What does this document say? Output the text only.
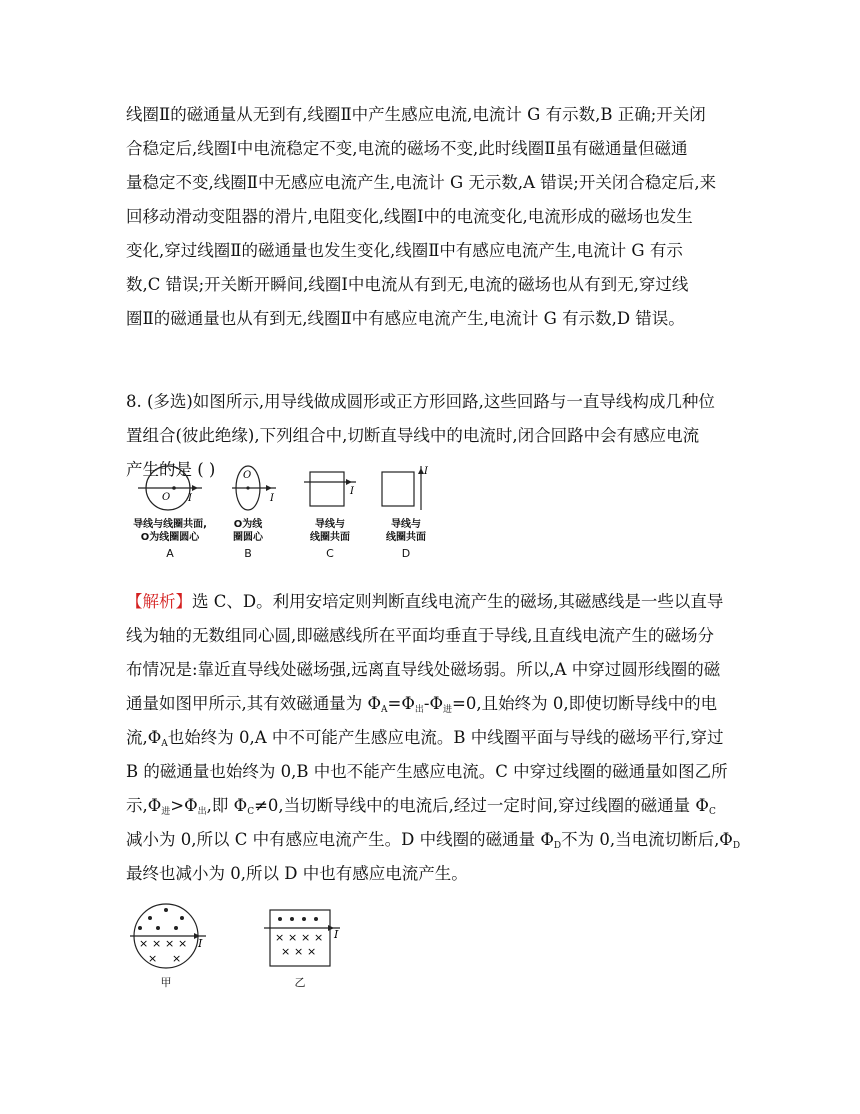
线圈Ⅱ的磁通量从无到有,线圈Ⅱ中产生感应电流,电流计 G 有示数,B 正确;开关闭
合稳定后,线圈Ⅰ中电流稳定不变,电流的磁场不变,此时线圈Ⅱ虽有磁通量但磁通
量稳定不变,线圈Ⅱ中无感应电流产生,电流计 G 无示数,A 错误;开关闭合稳定后,来
回移动滑动变阻器的滑片,电阻变化,线圈Ⅰ中的电流变化,电流形成的磁场也发生
变化,穿过线圈Ⅱ的磁通量也发生变化,线圈Ⅱ中有感应电流产生,电流计 G 有示
数,C 错误;开关断开瞬间,线圈Ⅰ中电流从有到无,电流的磁场也从有到无,穿过线
圈Ⅱ的磁通量也从有到无,线圈Ⅱ中有感应电流产生,电流计 G 有示数,D 错误。
8. (多选)如图所示,用导线做成圆形或正方形回路,这些回路与一直导线构成几种位
置组合(彼此绝缘),下列组合中,切断直导线中的电流时,闭合回路中会有感应电流
产生的是 ( )
O I
O
I
I
I
导线与线圈共面,
O为线圈圆心
A
O为线
圈圆心
B
导线与
线圈共面
C
导线与
线圈共面
D
【解析】选 C、D。利用安培定则判断直线电流产生的磁场,其磁感线是一些以直导
线为轴的无数组同心圆,即磁感线所在平面均垂直于导线,且直线电流产生的磁场分
布情况是:靠近直导线处磁场强,远离直导线处磁场弱。所以,A 中穿过圆形线圈的磁
通量如图甲所示,其有效磁通量为 $\Phi_A=\Phi_出-\Phi_进=0$,且始终为 0,即使切断导线中的电
流$,\Phi_A$也始终为 0,A 中不可能产生感应电流。B 中线圈平面与导线的磁场平行,穿过
B 的磁通量也始终为 0,B 中也不能产生感应电流。C 中穿过线圈的磁通量如图乙所
示$,\Phi_进>\Phi_出$,即 $\Phi_C\ne 0$,当切断导线中的电流后,经过一定时间,穿过线圈的磁通量 $\Phi_C$
减小为 0,所以 C 中有感应电流产生。D 中线圈的磁通量 $\Phi_D$不为 0,当电流切断后$,\Phi_D$
最终也减小为 0,所以 D 中也有感应电流产生。
I
× × × ×
× ×
I
× × × ×
× × ×
甲	乙
